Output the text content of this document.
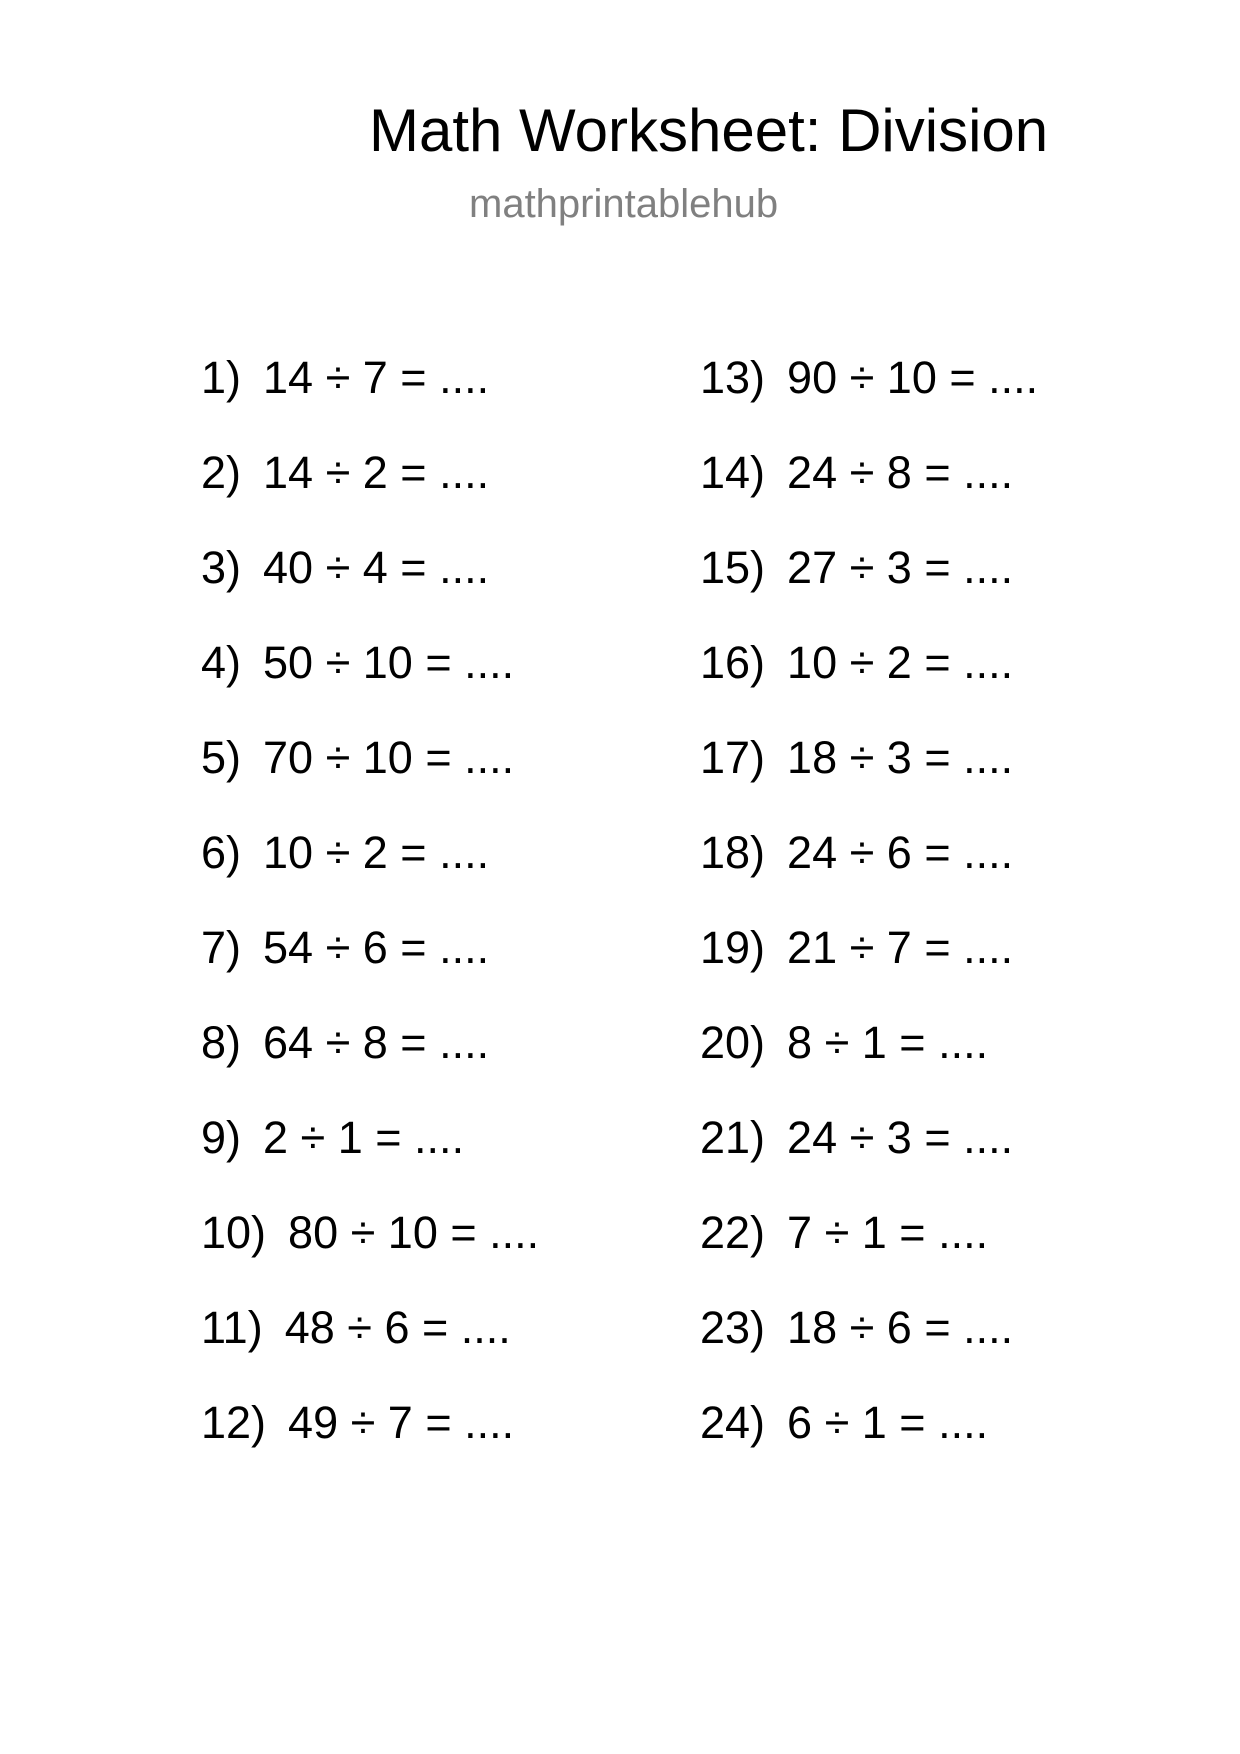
Math Worksheet: Division
mathprintablehub
1) 14 ÷ 7 = ....
2) 14 ÷ 2 = ....
3) 40 ÷ 4 = ....
4) 50 ÷ 10 = ....
5) 70 ÷ 10 = ....
6) 10 ÷ 2 = ....
7) 54 ÷ 6 = ....
8) 64 ÷ 8 = ....
9) 2 ÷ 1 = ....
10) 80 ÷ 10 = ....
11) 48 ÷ 6 = ....
12) 49 ÷ 7 = ....
13) 90 ÷ 10 = ....
14) 24 ÷ 8 = ....
15) 27 ÷ 3 = ....
16) 10 ÷ 2 = ....
17) 18 ÷ 3 = ....
18) 24 ÷ 6 = ....
19) 21 ÷ 7 = ....
20) 8 ÷ 1 = ....
21) 24 ÷ 3 = ....
22) 7 ÷ 1 = ....
23) 18 ÷ 6 = ....
24) 6 ÷ 1 = ....
